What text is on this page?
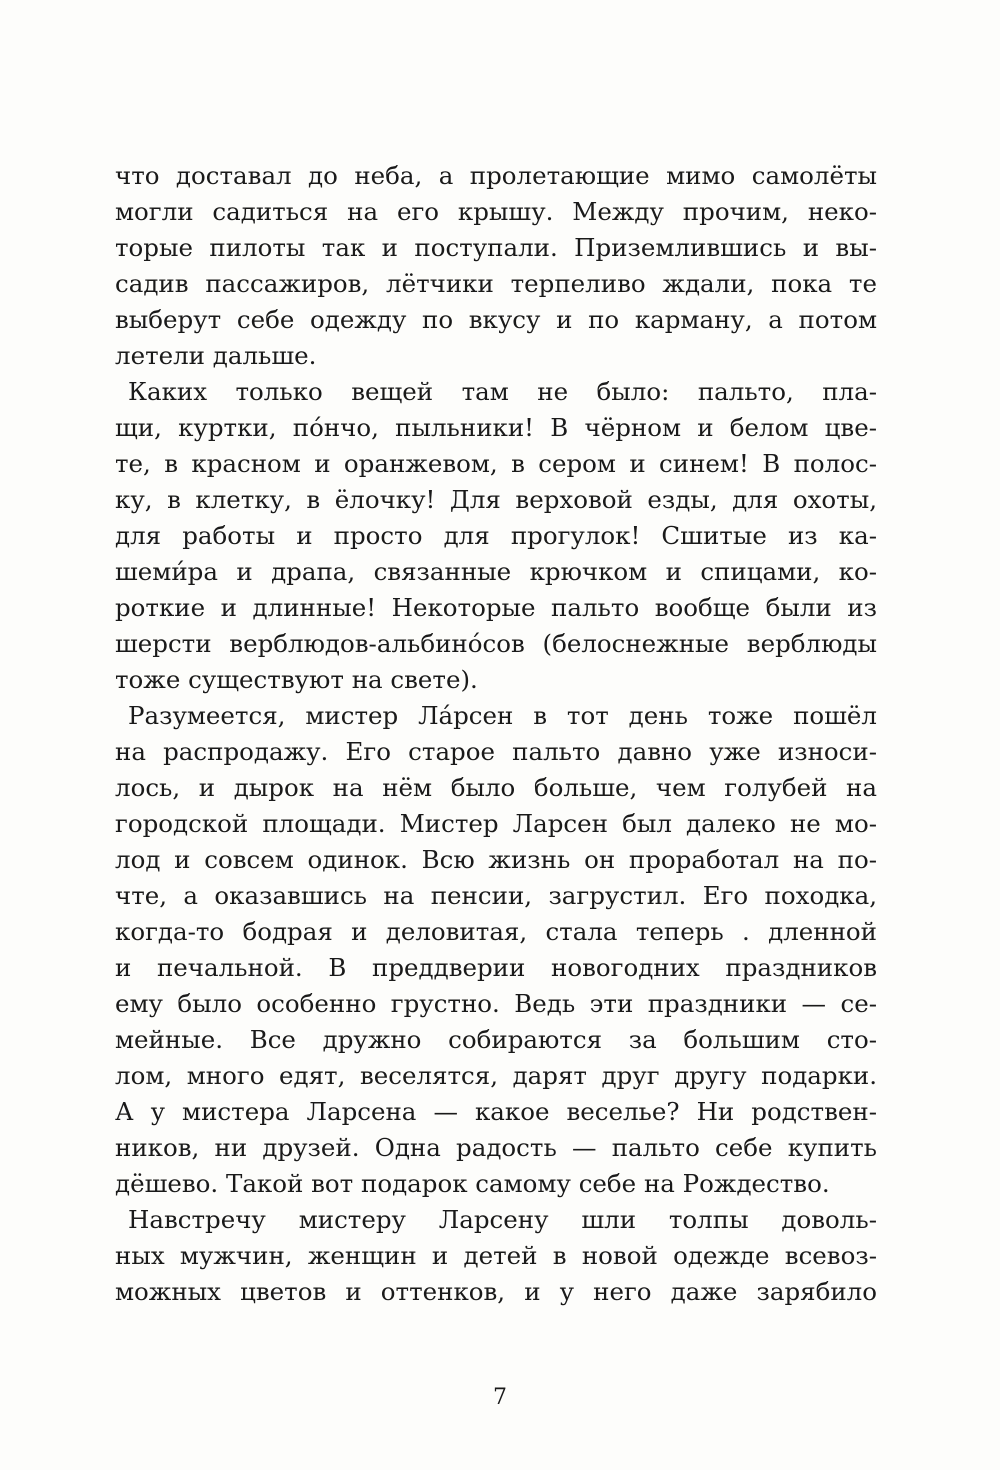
что доставал до неба, а пролетающие мимо самолёты
могли садиться на его крышу. Между прочим, неко-
торые пилоты так и поступали. Приземлившись и вы-
садив пассажиров, лётчики терпеливо ждали, пока те
выберут себе одежду по вкусу и по карману, а потом
летели дальше.
Каких только вещей там не было: пальто, пла-
щи, куртки, по́нчо, пыльники! В чёрном и белом цве-
те, в красном и оранжевом, в сером и синем! В полос-
ку, в клетку, в ёлочку! Для верховой езды, для охоты,
для работы и просто для прогулок! Сшитые из ка-
шеми́ра и драпа, связанные крючком и спицами, ко-
роткие и длинные! Некоторые пальто вообще были из
шерсти верблюдов-альбино́сов (белоснежные верблюды
тоже существуют на свете).
Разумеется, мистер Ла́рсен в тот день тоже пошёл
на распродажу. Его старое пальто давно уже износи-
лось, и дырок на нём было больше, чем голубей на
городской площади. Мистер Ларсен был далеко не мо-
лод и совсем одинок. Всю жизнь он проработал на по-
чте, а оказавшись на пенсии, загрустил. Его походка,
когда-то бодрая и деловитая, стала теперь . дленной
и печальной. В преддверии новогодних праздников
ему было особенно грустно. Ведь эти праздники — се-
мейные. Все дружно собираются за большим сто-
лом, много едят, веселятся, дарят друг другу подарки.
А у мистера Ларсена — какое веселье? Ни родствен-
ников, ни друзей. Одна радость — пальто себе купить
дёшево. Такой вот подарок самому себе на Рождество.
Навстречу мистеру Ларсену шли толпы доволь-
ных мужчин, женщин и детей в новой одежде всевоз-
можных цветов и оттенков, и у него даже зарябило
7
